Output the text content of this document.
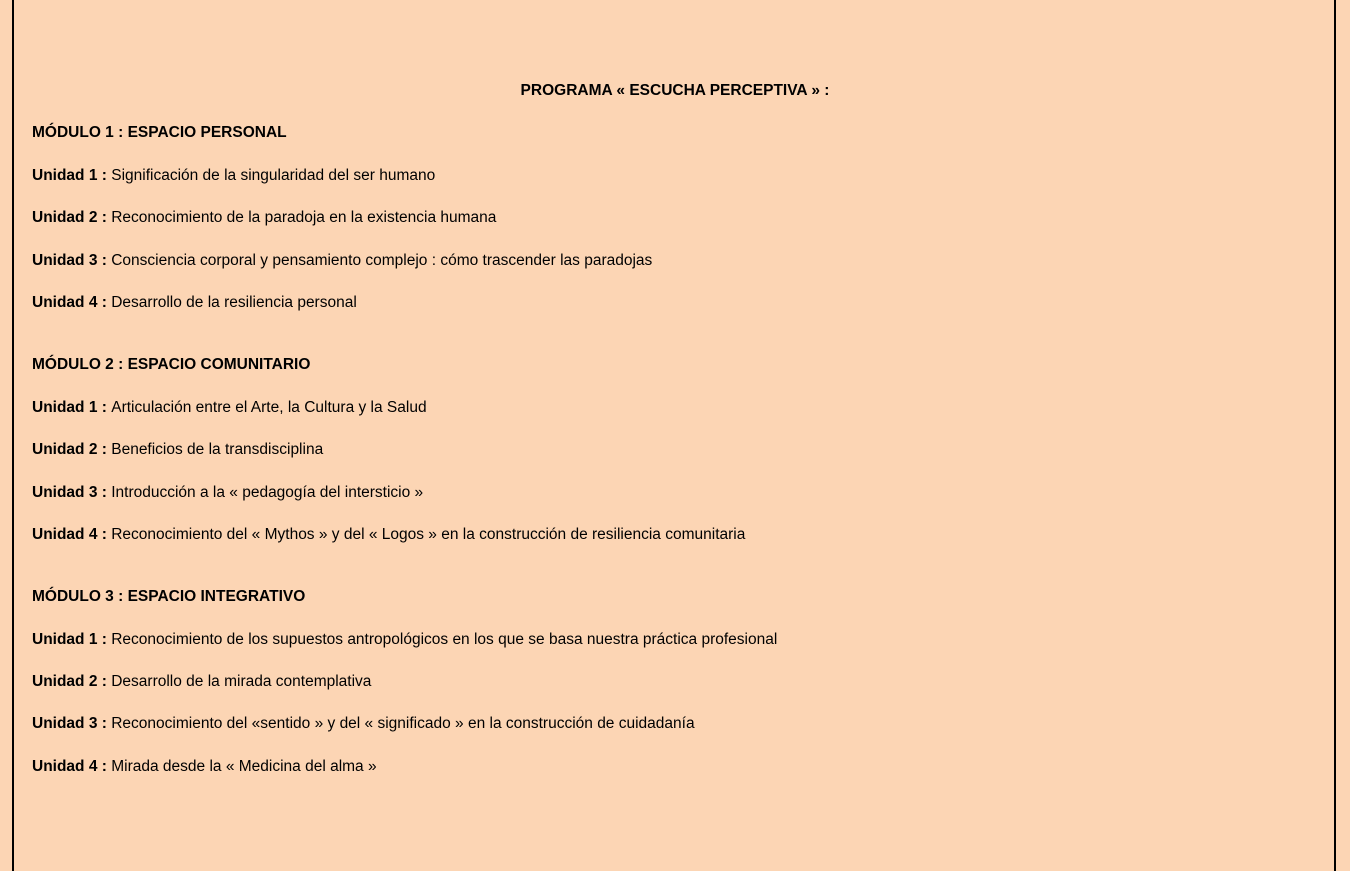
PROGRAMA « ESCUCHA PERCEPTIVA » :

MÓDULO 1 : ESPACIO PERSONAL

Unidad 1 : Significación de la singularidad del ser humano

Unidad 2 : Reconocimiento de la paradoja en la existencia humana

Unidad 3 : Consciencia corporal y pensamiento complejo : cómo trascender las paradojas

Unidad 4 : Desarrollo de la resiliencia personal

MÓDULO 2 : ESPACIO COMUNITARIO

Unidad 1 : Articulación entre el Arte, la Cultura y la Salud

Unidad 2 : Beneficios de la transdisciplina

Unidad 3 : Introducción a la « pedagogía del intersticio »

Unidad 4 : Reconocimiento del « Mythos » y del « Logos » en la construcción de resiliencia comunitaria

MÓDULO 3 : ESPACIO INTEGRATIVO

Unidad 1 : Reconocimiento de los supuestos antropológicos en los que se basa nuestra práctica profesional

Unidad 2 : Desarrollo de la mirada contemplativa

Unidad 3 : Reconocimiento del «sentido » y del « significado » en la construcción de cuidadanía

Unidad 4 : Mirada desde la « Medicina del alma »
